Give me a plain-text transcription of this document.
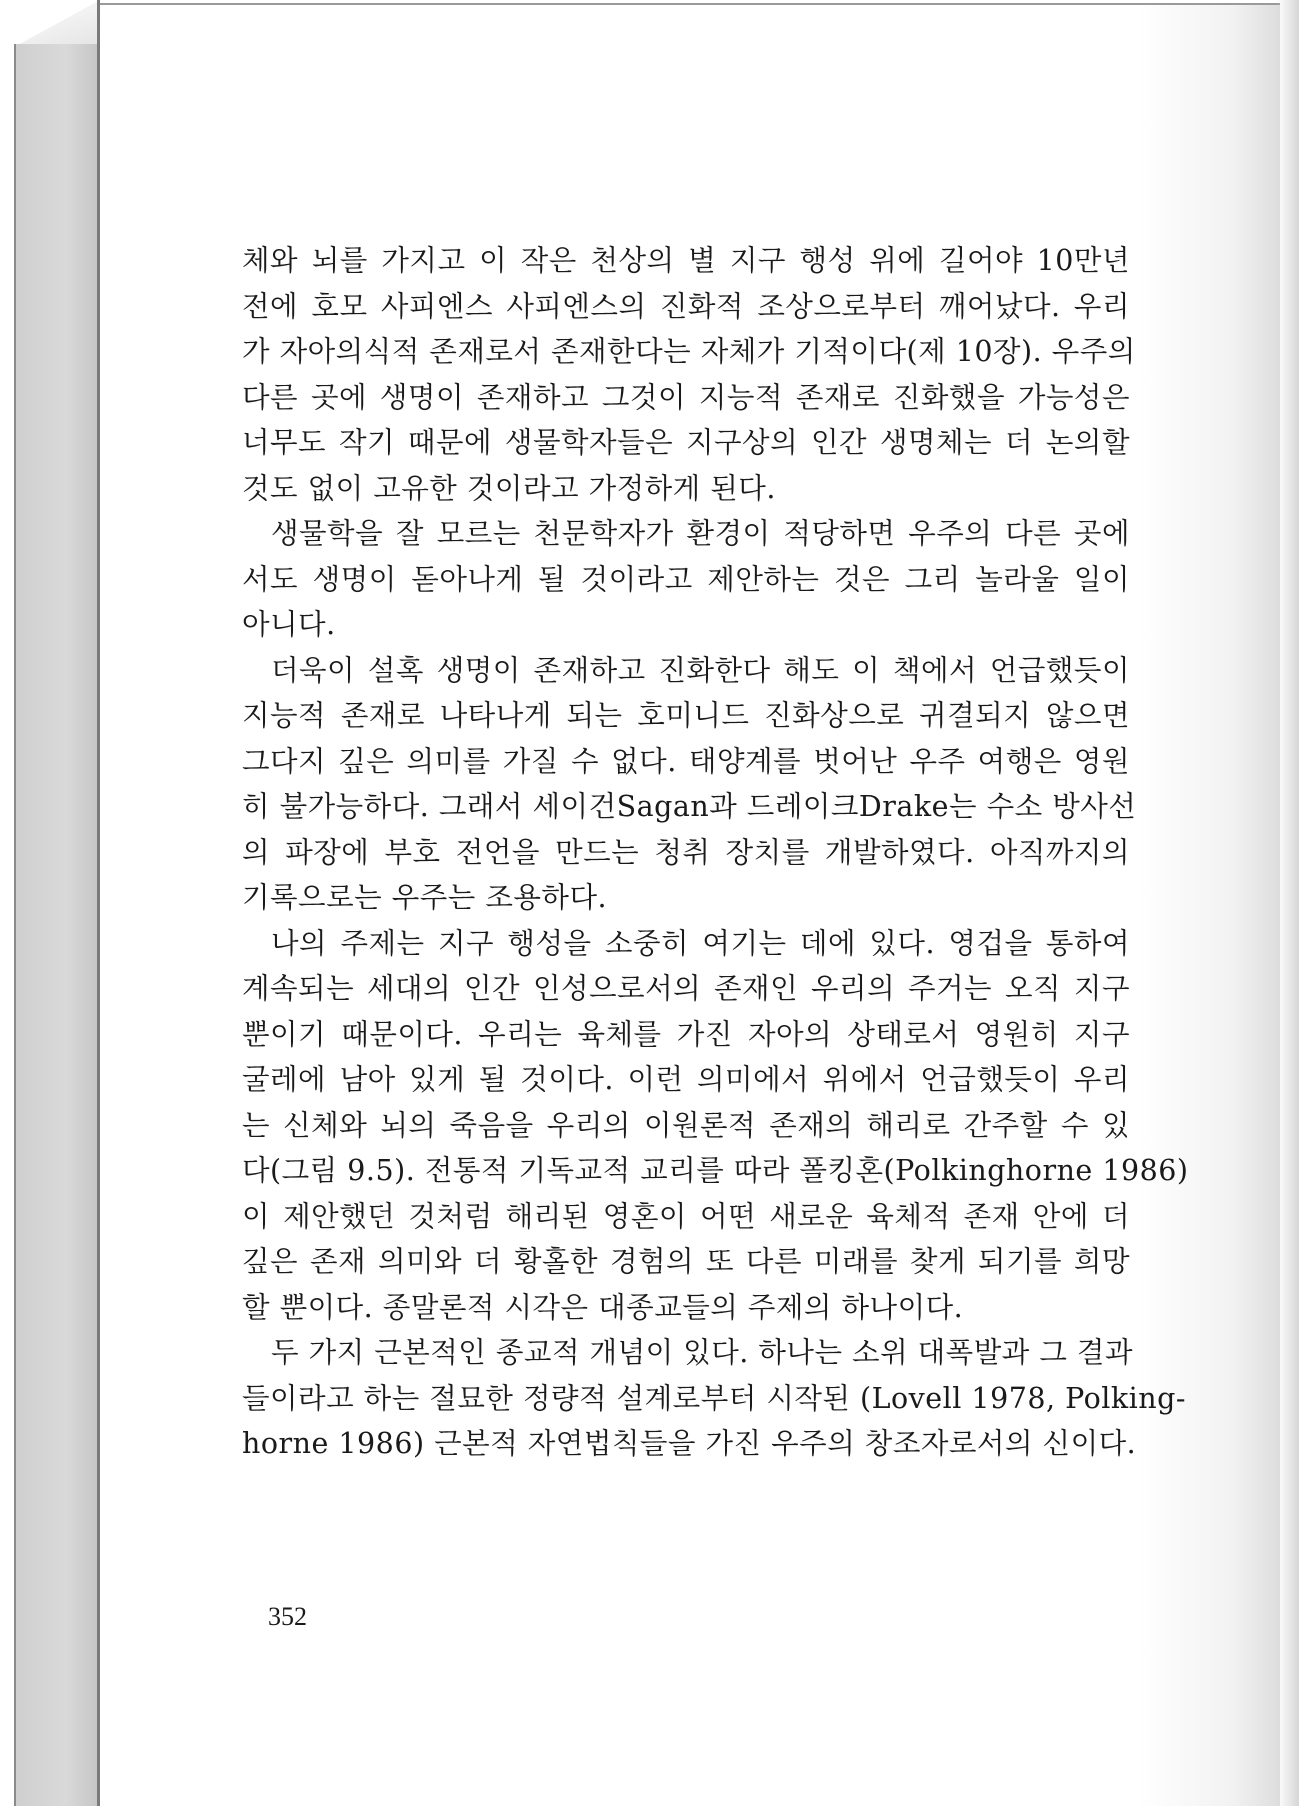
체와 뇌를 가지고 이 작은 천상의 별 지구 행성 위에 길어야 10만년
전에 호모 사피엔스 사피엔스의 진화적 조상으로부터 깨어났다. 우리
가 자아의식적 존재로서 존재한다는 자체가 기적이다(제 10장). 우주의
다른 곳에 생명이 존재하고 그것이 지능적 존재로 진화했을 가능성은
너무도 작기 때문에 생물학자들은 지구상의 인간 생명체는 더 논의할
것도 없이 고유한 것이라고 가정하게 된다.
생물학을 잘 모르는 천문학자가 환경이 적당하면 우주의 다른 곳에
서도 생명이 돋아나게 될 것이라고 제안하는 것은 그리 놀라울 일이
아니다.
더욱이 설혹 생명이 존재하고 진화한다 해도 이 책에서 언급했듯이
지능적 존재로 나타나게 되는 호미니드 진화상으로 귀결되지 않으면
그다지 깊은 의미를 가질 수 없다. 태양계를 벗어난 우주 여행은 영원
히 불가능하다. 그래서 세이건Sagan과 드레이크Drake는 수소 방사선
의 파장에 부호 전언을 만드는 청취 장치를 개발하였다. 아직까지의
기록으로는 우주는 조용하다.
나의 주제는 지구 행성을 소중히 여기는 데에 있다. 영겁을 통하여
계속되는 세대의 인간 인성으로서의 존재인 우리의 주거는 오직 지구
뿐이기 때문이다. 우리는 육체를 가진 자아의 상태로서 영원히 지구
굴레에 남아 있게 될 것이다. 이런 의미에서 위에서 언급했듯이 우리
는 신체와 뇌의 죽음을 우리의 이원론적 존재의 해리로 간주할 수 있
다(그림 9.5). 전통적 기독교적 교리를 따라 폴킹혼(Polkinghorne 1986)
이 제안했던 것처럼 해리된 영혼이 어떤 새로운 육체적 존재 안에 더
깊은 존재 의미와 더 황홀한 경험의 또 다른 미래를 찾게 되기를 희망
할 뿐이다. 종말론적 시각은 대종교들의 주제의 하나이다.
두 가지 근본적인 종교적 개념이 있다. 하나는 소위 대폭발과 그 결과
들이라고 하는 절묘한 정량적 설계로부터 시작된 (Lovell 1978, Polking-
horne 1986) 근본적 자연법칙들을 가진 우주의 창조자로서의 신이다.
352
